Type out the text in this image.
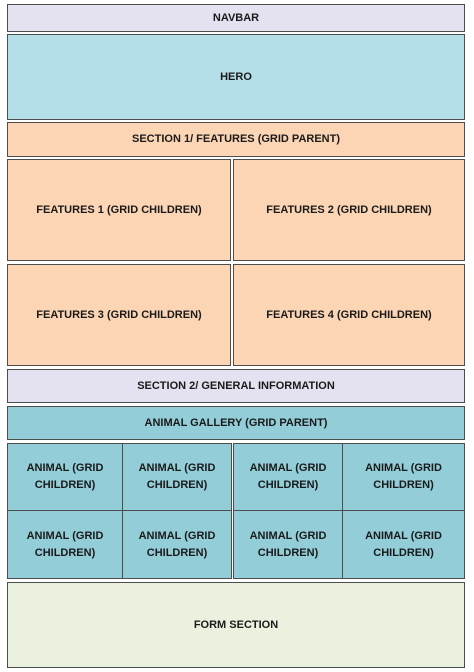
NAVBAR
HERO
SECTION 1/ FEATURES (GRID PARENT)
FEATURES 1 (GRID CHILDREN)	FEATURES 2 (GRID CHILDREN)
FEATURES 3 (GRID CHILDREN)	FEATURES 4 (GRID CHILDREN)
SECTION 2/ GENERAL INFORMATION
ANIMAL GALLERY (GRID PARENT)
ANIMAL (GRID CHILDREN)
ANIMAL (GRID CHILDREN)
ANIMAL (GRID CHILDREN)
ANIMAL (GRID CHILDREN)
ANIMAL (GRID CHILDREN)
ANIMAL (GRID CHILDREN)
ANIMAL (GRID CHILDREN)
ANIMAL (GRID CHILDREN)
FORM SECTION
